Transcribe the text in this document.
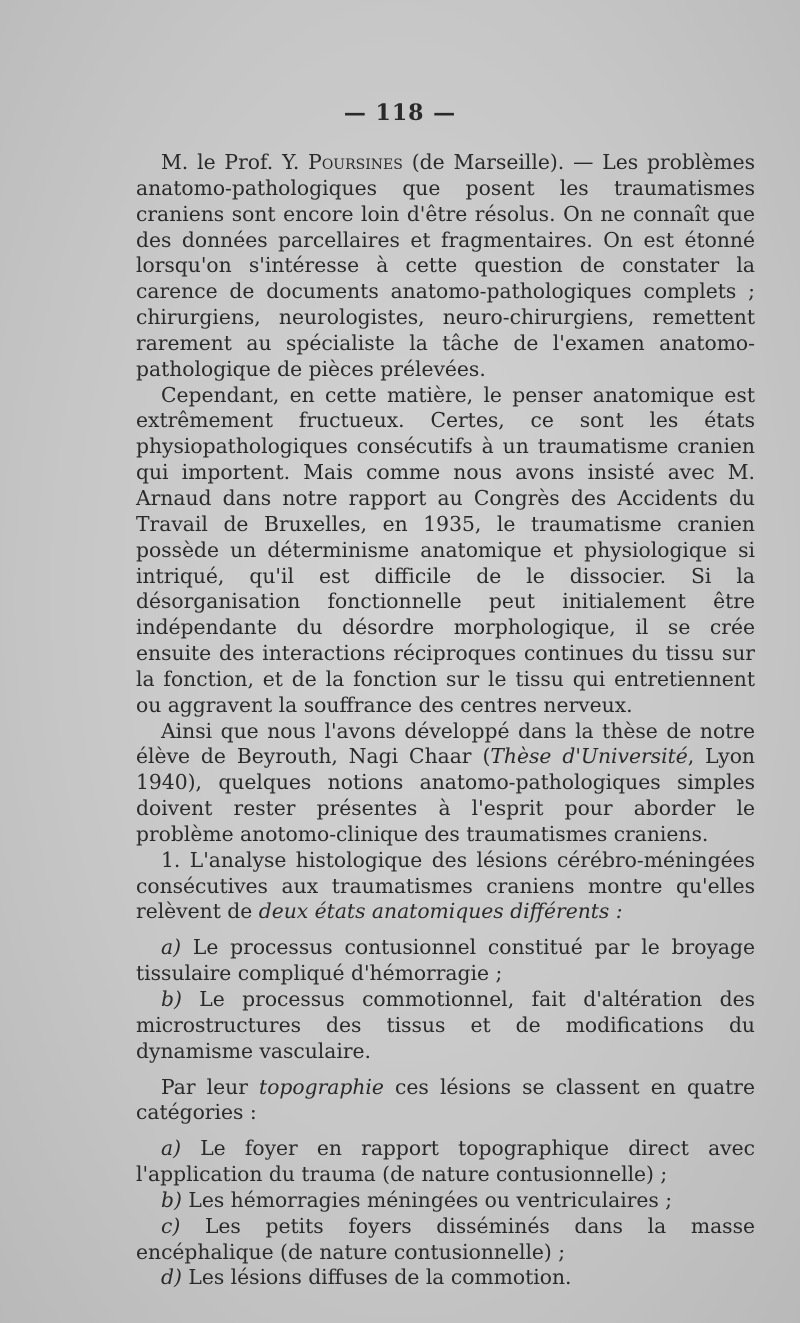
— 118 —

M. le Prof. Y. Poursines (de Marseille). — Les problèmes anatomo-pathologiques que posent les traumatismes craniens sont encore loin d'être résolus. On ne connaît que des données parcellaires et fragmentaires. On est étonné lorsqu'on s'intéresse à cette question de constater la carence de documents anatomo-pathologiques complets ; chirurgiens, neurologistes, neuro-chirurgiens, remettent rarement au spécialiste la tâche de l'examen anatomo-pathologique de pièces prélevées.

Cependant, en cette matière, le penser anatomique est extrêmement fructueux. Certes, ce sont les états physiopathologiques consécutifs à un traumatisme cranien qui importent. Mais comme nous avons insisté avec M. Arnaud dans notre rapport au Congrès des Accidents du Travail de Bruxelles, en 1935, le traumatisme cranien possède un déterminisme anatomique et physiologique si intriqué, qu'il est difficile de le dissocier. Si la désorganisation fonctionnelle peut initialement être indépendante du désordre morphologique, il se crée ensuite des interactions réciproques continues du tissu sur la fonction, et de la fonction sur le tissu qui entretiennent ou aggravent la souffrance des centres nerveux.

Ainsi que nous l'avons développé dans la thèse de notre élève de Beyrouth, Nagi Chaar (Thèse d'Université, Lyon 1940), quelques notions anatomo-pathologiques simples doivent rester présentes à l'esprit pour aborder le problème anotomo-clinique des traumatismes craniens.

1. L'analyse histologique des lésions cérébro-méningées consécutives aux traumatismes craniens montre qu'elles relèvent de deux états anatomiques différents :

a) Le processus contusionnel constitué par le broyage tissulaire compliqué d'hémorragie ;

b) Le processus commotionnel, fait d'altération des microstructures des tissus et de modifications du dynamisme vasculaire.

Par leur topographie ces lésions se classent en quatre catégories :

a) Le foyer en rapport topographique direct avec l'application du trauma (de nature contusionnelle) ;

b) Les hémorragies méningées ou ventriculaires ;

c) Les petits foyers disséminés dans la masse encéphalique (de nature contusionnelle) ;

d) Les lésions diffuses de la commotion.
